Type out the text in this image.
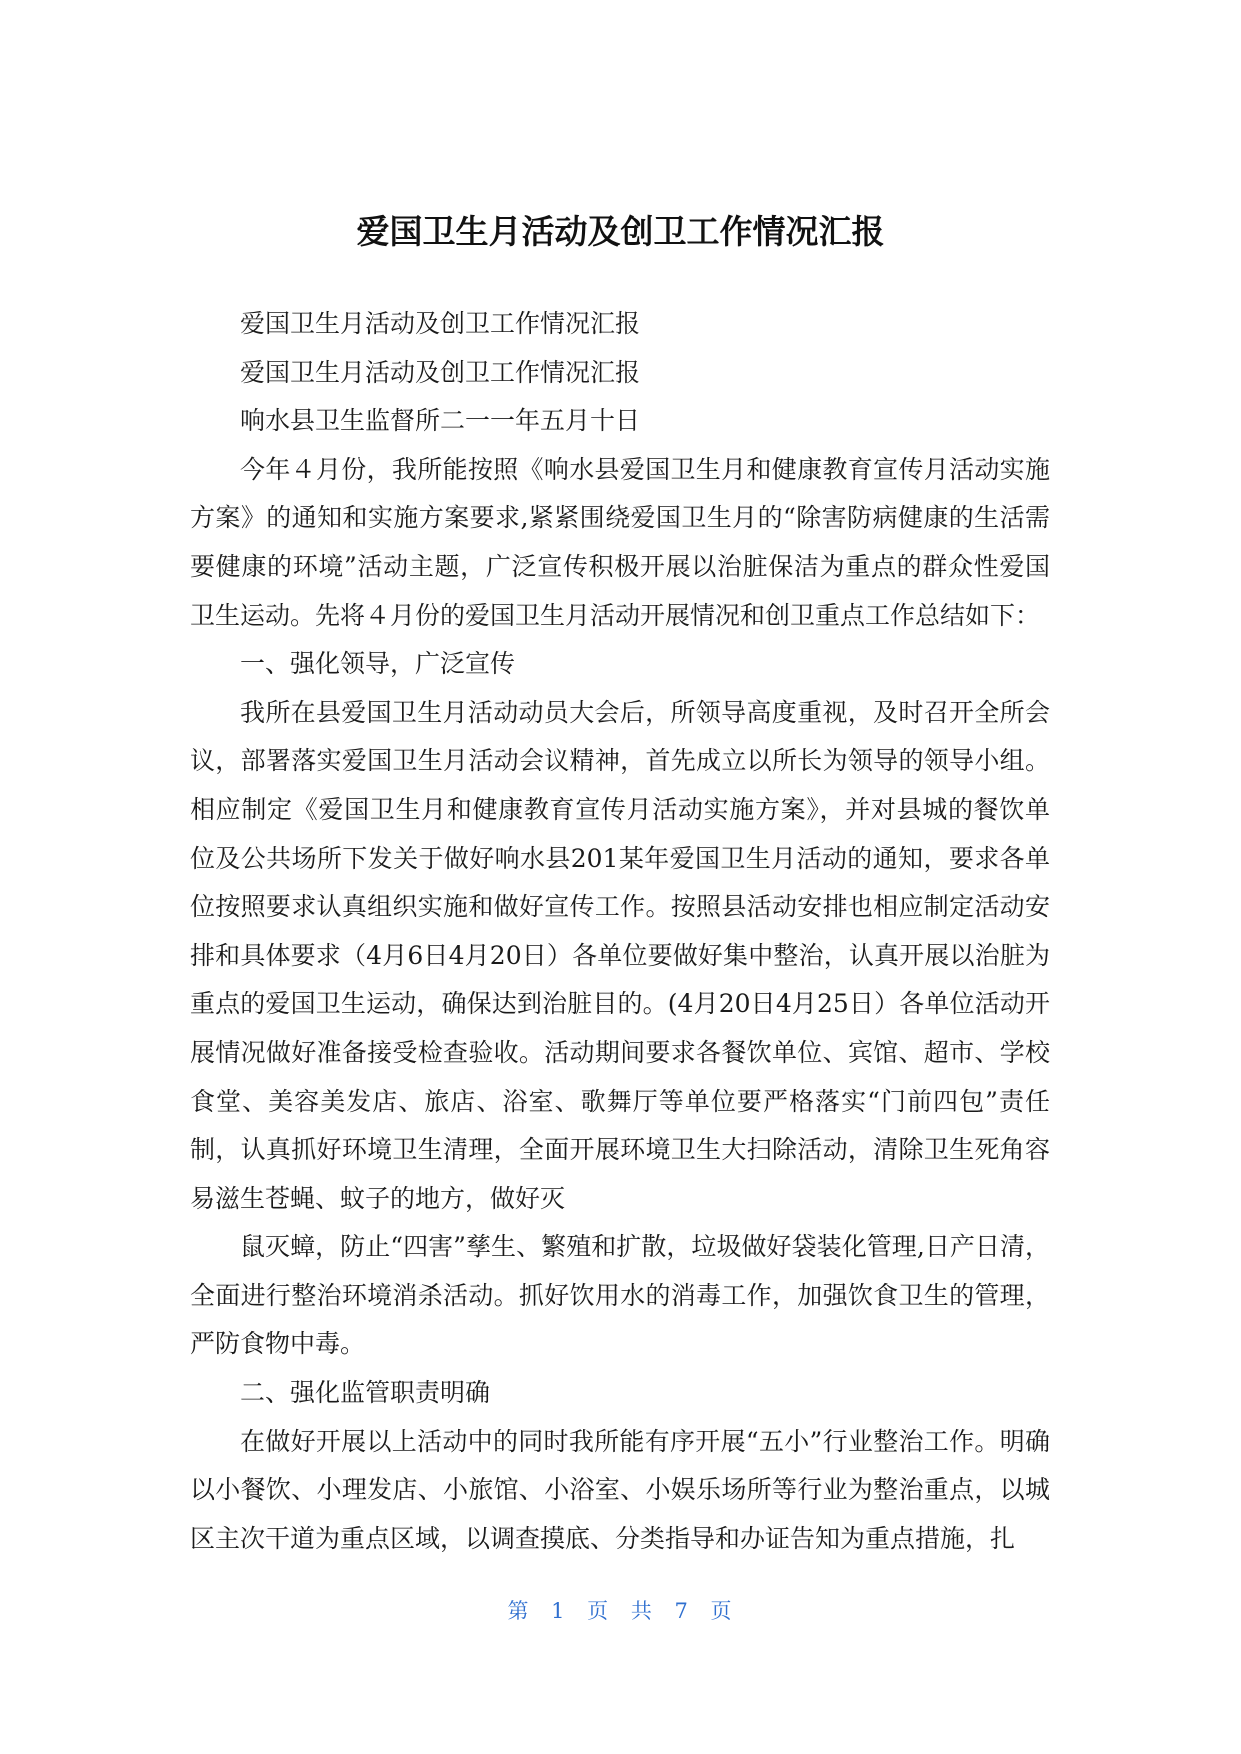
爱国卫生月活动及创卫工作情况汇报

爱国卫生月活动及创卫工作情况汇报

爱国卫生月活动及创卫工作情况汇报

响水县卫生监督所二一一年五月十日

今年４月份，我所能按照《响水县爱国卫生月和健康教育宣传月活动实施方案》的通知和实施方案要求,紧紧围绕爱国卫生月的“除害防病健康的生活需要健康的环境”活动主题，广泛宣传积极开展以治脏保洁为重点的群众性爱国卫生运动。先将４月份的爱国卫生月活动开展情况和创卫重点工作总结如下：

一、强化领导，广泛宣传

我所在县爱国卫生月活动动员大会后，所领导高度重视，及时召开全所会议，部署落实爱国卫生月活动会议精神，首先成立以所长为领导的领导小组。相应制定《爱国卫生月和健康教育宣传月活动实施方案》，并对县城的餐饮单位及公共场所下发关于做好响水县201某年爱国卫生月活动的通知，要求各单位按照要求认真组织实施和做好宣传工作。按照县活动安排也相应制定活动安排和具体要求（4月6日4月20日）各单位要做好集中整治，认真开展以治脏为重点的爱国卫生运动，确保达到治脏目的。(4月20日4月25日）各单位活动开展情况做好准备接受检查验收。活动期间要求各餐饮单位、宾馆、超市、学校食堂、美容美发店、旅店、浴室、歌舞厅等单位要严格落实“门前四包”责任制，认真抓好环境卫生清理，全面开展环境卫生大扫除活动，清除卫生死角容易滋生苍蝇、蚊子的地方，做好灭

鼠灭蟑，防止“四害”孳生、繁殖和扩散，垃圾做好袋装化管理,日产日清，全面进行整治环境消杀活动。抓好饮用水的消毒工作，加强饮食卫生的管理，严防食物中毒。

二、强化监管职责明确

在做好开展以上活动中的同时我所能有序开展“五小”行业整治工作。明确以小餐饮、小理发店、小旅馆、小浴室、小娱乐场所等行业为整治重点，以城区主次干道为重点区域，以调查摸底、分类指导和办证告知为重点措施，扎

第 1 页 共 7 页
